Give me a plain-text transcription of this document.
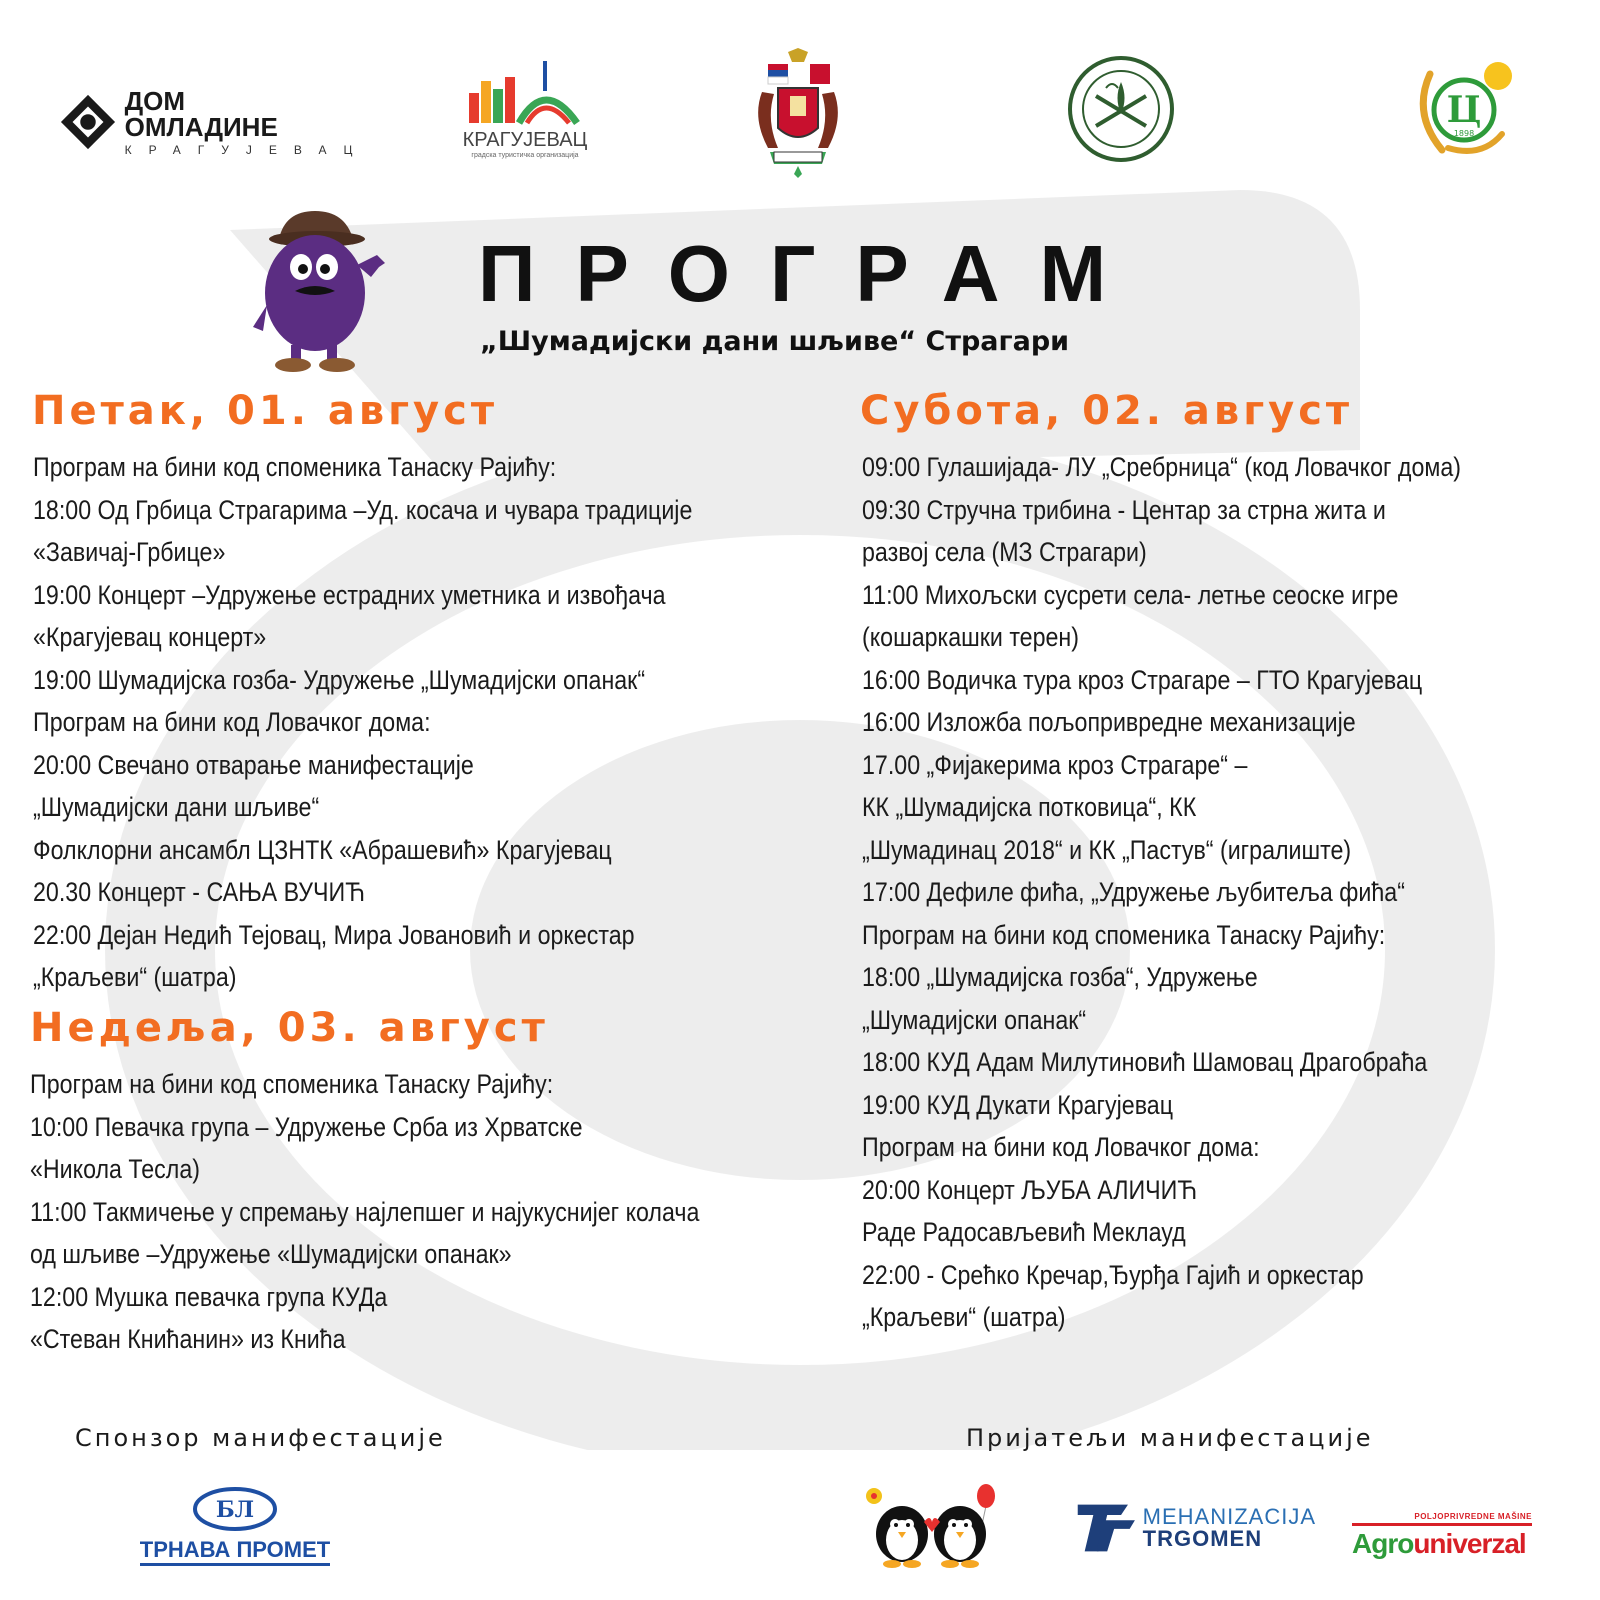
ДОМ
ОМЛАДИНЕ
КРАГУЈЕВАЦ	КРАГУЈЕВАЦ
градска туристичка организација
Ц
1898
ПРОГРАМ
„Шумадијски дани шљиве“ Страгари
Петак, 01. август
Програм на бини код споменика Танаску Рајићу:
18:00 Од Грбица Страгарима –Уд. косача и чувара традиције
«Завичај-Грбице»
19:00 Концерт –Удружење естрадних уметника и извођача
«Крагујевац концерт»
19:00 Шумадијска гозба- Удружење „Шумадијски опанак“
Програм на бини код Ловачког дома:
20:00 Свечано отварање манифестације
„Шумадијски дани шљиве“
Фолклорни ансамбл ЦЗНТК «Абрашевић» Крагујевац
20.30 Концерт - САЊА ВУЧИЋ
22:00 Дејан Недић Тејовац, Мира Јовановић и оркестар
„Краљеви“ (шатра)
Недеља, 03. август
Програм на бини код споменика Танаску Рајићу:
10:00 Певачка група – Удружење Срба из Хрватске
«Никола Тесла)
11:00 Такмичење у спремању најлепшег и најукуснијег колача
од шљиве –Удружење «Шумадијски опанак»
12:00 Мушка певачка група КУДа
«Стеван Книћанин» из Кнића
Субота, 02. август
09:00 Гулашијада- ЛУ „Сребрница“ (код Ловачког дома)
09:30 Стручна трибина - Центар за стрна жита и
развој села (МЗ Страгари)
11:00 Михољски сусрети села- летње сеоске игре
(кошаркашки терен)
16:00 Водичка тура кроз Страгаре – ГТО Крагујевац
16:00 Изложба пољопривредне механизације
17.00 „Фијакерима кроз Страгаре“ –
КК „Шумадијска потковица“, КК
„Шумадинац 2018“ и КК „Пастув“ (игралиште)
17:00 Дефиле фића, „Удружење љубитеља фића“
Програм на бини код споменика Танаску Рајићу:
18:00 „Шумадијска гозба“, Удружење
„Шумадијски опанак“
18:00 КУД Адам Милутиновић Шамовац Драгобраћа
19:00 КУД Дукати Крагујевац
Програм на бини код Ловачког дома:
20:00 Концерт ЉУБА АЛИЧИЋ
Раде Радосављевић Меклауд
22:00 - Срећко Кречар,Ђурђа Гајић и оркестар
„Краљеви“ (шатра)
Спонзор манифестације
БЛ
ТРНАВА ПРОМЕТ
Пријатељи манифестације
MEHANIZACIJA
TRGOMEN
POLJOPRIVREDNE MAŠINE
Agro univerzal
